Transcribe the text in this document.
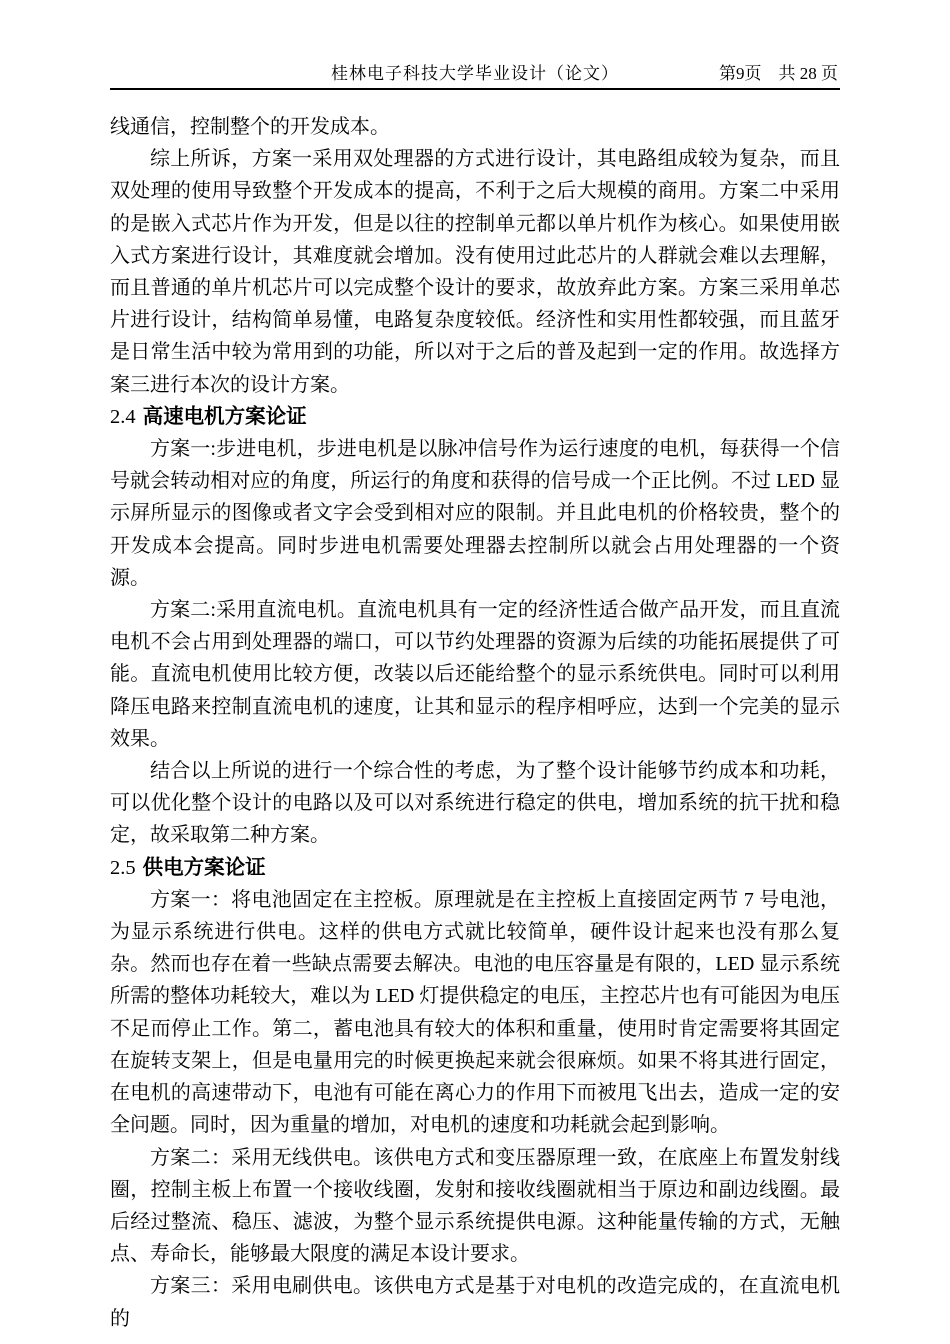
桂林电子科技大学毕业设计（论文）	第9页　共 28 页

线通信，控制整个的开发成本。

综上所诉，方案一采用双处理器的方式进行设计，其电路组成较为复杂，而且双处理的使用导致整个开发成本的提高，不利于之后大规模的商用。方案二中采用的是嵌入式芯片作为开发，但是以往的控制单元都以单片机作为核心。如果使用嵌入式方案进行设计，其难度就会增加。没有使用过此芯片的人群就会难以去理解，而且普通的单片机芯片可以完成整个设计的要求，故放弃此方案。方案三采用单芯片进行设计，结构简单易懂，电路复杂度较低。经济性和实用性都较强，而且蓝牙是日常生活中较为常用到的功能，所以对于之后的普及起到一定的作用。故选择方案三进行本次的设计方案。

2.4 高速电机方案论证

方案一:步进电机，步进电机是以脉冲信号作为运行速度的电机，每获得一个信号就会转动相对应的角度，所运行的角度和获得的信号成一个正比例。不过 LED 显示屏所显示的图像或者文字会受到相对应的限制。并且此电机的价格较贵，整个的开发成本会提高。同时步进电机需要处理器去控制所以就会占用处理器的一个资源。

方案二:采用直流电机。直流电机具有一定的经济性适合做产品开发，而且直流电机不会占用到处理器的端口，可以节约处理器的资源为后续的功能拓展提供了可能。直流电机使用比较方便，改装以后还能给整个的显示系统供电。同时可以利用降压电路来控制直流电机的速度，让其和显示的程序相呼应，达到一个完美的显示效果。

结合以上所说的进行一个综合性的考虑，为了整个设计能够节约成本和功耗，可以优化整个设计的电路以及可以对系统进行稳定的供电，增加系统的抗干扰和稳定，故采取第二种方案。

2.5 供电方案论证

方案一：将电池固定在主控板。原理就是在主控板上直接固定两节 7 号电池，为显示系统进行供电。这样的供电方式就比较简单，硬件设计起来也没有那么复杂。然而也存在着一些缺点需要去解决。电池的电压容量是有限的，LED 显示系统所需的整体功耗较大，难以为 LED 灯提供稳定的电压，主控芯片也有可能因为电压不足而停止工作。第二，蓄电池具有较大的体积和重量，使用时肯定需要将其固定在旋转支架上，但是电量用完的时候更换起来就会很麻烦。如果不将其进行固定，在电机的高速带动下，电池有可能在离心力的作用下而被甩飞出去，造成一定的安全问题。同时，因为重量的增加，对电机的速度和功耗就会起到影响。

方案二：采用无线供电。该供电方式和变压器原理一致，在底座上布置发射线圈，控制主板上布置一个接收线圈，发射和接收线圈就相当于原边和副边线圈。最后经过整流、稳压、滤波，为整个显示系统提供电源。这种能量传输的方式，无触点、寿命长，能够最大限度的满足本设计要求。

方案三：采用电刷供电。该供电方式是基于对电机的改造完成的，在直流电机的
